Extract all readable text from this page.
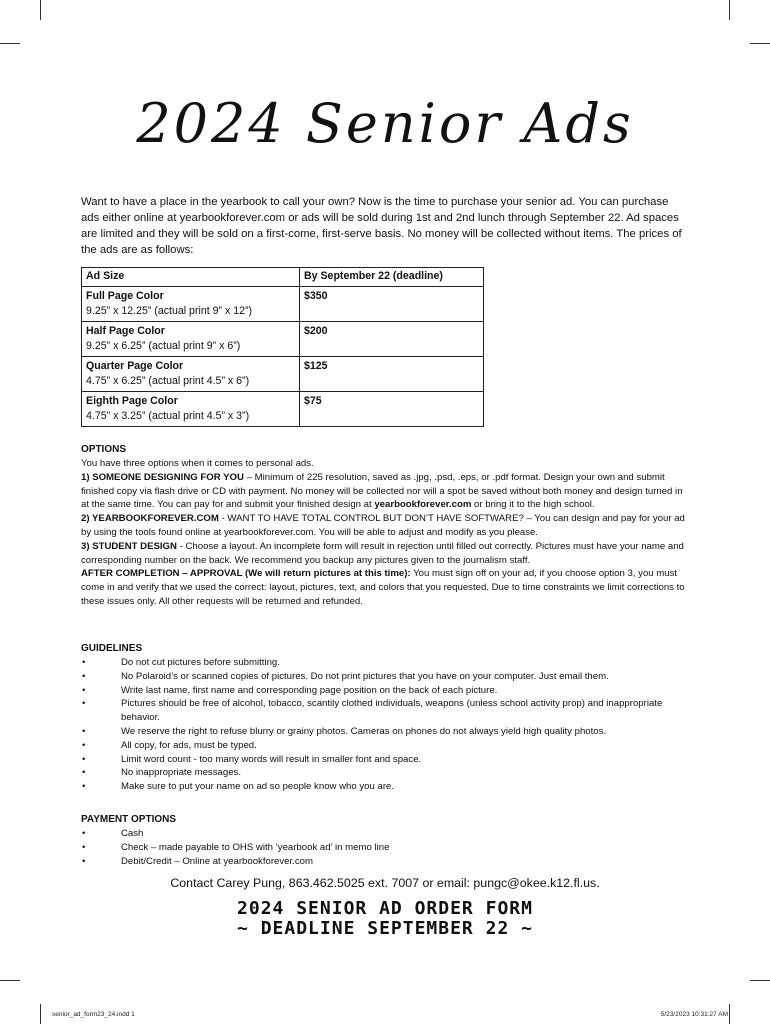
2024 Senior Ads

Want to have a place in the yearbook to call your own? Now is the time to purchase your senior ad. You can purchase ads either online at yearbookforever.com or ads will be sold during 1st and 2nd lunch through September 22. Ad spaces are limited and they will be sold on a first-come, first-serve basis. No money will be collected without items. The prices of the ads are as follows:

Ad Size	By September 22 (deadline)
Full Page Color
9.25” x 12.25” (actual print 9” x 12”)	$350
Half Page Color
9.25” x 6.25” (actual print 9” x 6”)	$200
Quarter Page Color
4.75” x 6.25” (actual print 4.5” x 6”)	$125
Eighth Page Color
4.75” x 3.25” (actual print 4.5” x 3”)	$75
OPTIONS

You have three options when it comes to personal ads.

1) SOMEONE DESIGNING FOR YOU – Minimum of 225 resolution, saved as .jpg, .psd, .eps, or .pdf format. Design your own and submit finished copy via flash drive or CD with payment. No money will be collected nor will a spot be saved without both money and design turned in at the same time. You can pay for and submit your finished design at yearbookforever.com or bring it to the high school.

2) YEARBOOKFOREVER.COM - WANT TO HAVE TOTAL CONTROL BUT DON’T HAVE SOFTWARE? – You can design and pay for your ad by using the tools found online at yearbookforever.com. You will be able to adjust and modify as you please.

3) STUDENT DESIGN - Choose a layout. An incomplete form will result in rejection until filled out correctly. Pictures must have your name and corresponding number on the back. We recommend you backup any pictures given to the journalism staff.

AFTER COMPLETION – APPROVAL (We will return pictures at this time): You must sign off on your ad, if you choose option 3, you must come in and verify that we used the correct: layout, pictures, text, and colors that you requested. Due to time constraints we limit corrections to these issues only. All other requests will be returned and refunded.

GUIDELINES
•	Do not cut pictures before submitting.
•	No Polaroid’s or scanned copies of pictures. Do not print pictures that you have on your computer. Just email them.
•	Write last name, first name and corresponding page position on the back of each picture.
•	Pictures should be free of alcohol, tobacco, scantily clothed individuals, weapons (unless school activity prop) and inappropriate behavior.
•	We reserve the right to refuse blurry or grainy photos. Cameras on phones do not always yield high quality photos.
•	All copy, for ads, must be typed.
•	Limit word count - too many words will result in smaller font and space.
•	No inappropriate messages.
•	Make sure to put your name on ad so people know who you are.
PAYMENT OPTIONS
•	Cash
•	Check – made payable to OHS with ‘yearbook ad’ in memo line
•	Debit/Credit – Online at yearbookforever.com
Contact Carey Pung, 863.462.5025 ext. 7007 or email: pungc@okee.k12.fl.us.
2024 SENIOR AD ORDER FORM
~ DEADLINE SEPTEMBER 22 ~
senior_ad_form23_24.indd 1	5/23/2023 10:31:27 AM
